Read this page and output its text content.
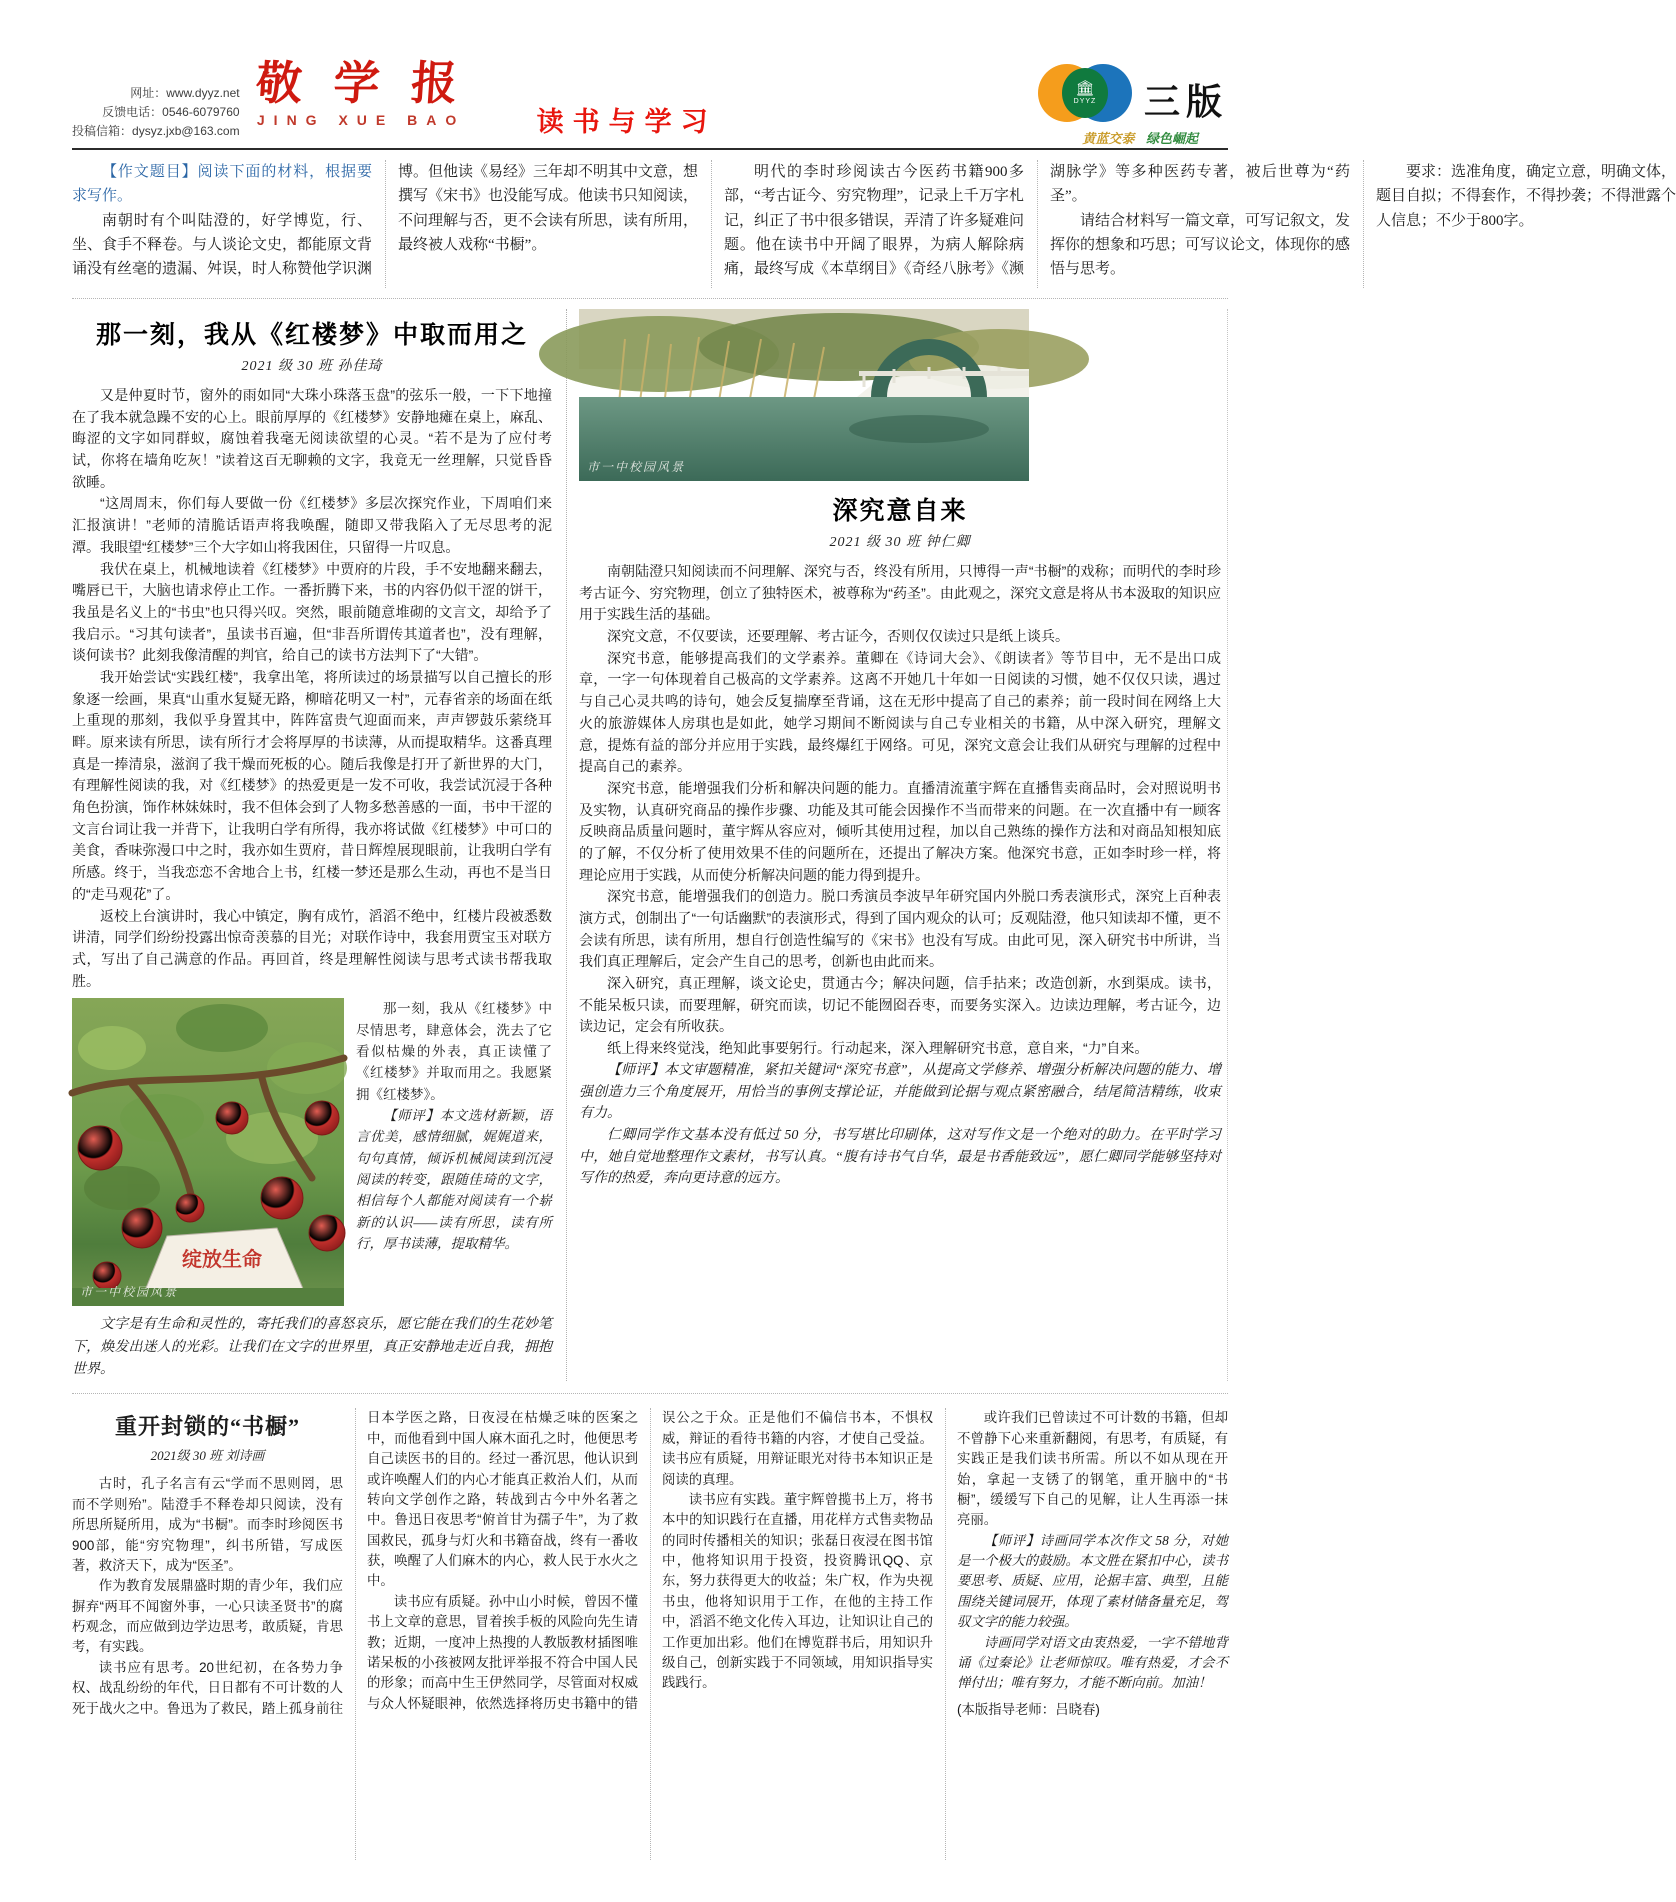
网址：www.dyyz.net
反馈电话：0546-6079760
投稿信箱：dysyz.jxb@163.com
敬 学 报
JING XUE BAO	读书与学习
🏛
DYYZ 三版
黄蓝交泰 绿色崛起

【作文题目】阅读下面的材料，根据要求写作。

南朝时有个叫陆澄的，好学博览，行、坐、食手不释卷。与人谈论文史，都能原文背诵没有丝毫的遗漏、舛误，时人称赞他学识渊博。但他读《易经》三年却不明其中文意，想撰写《宋书》也没能写成。他读书只知阅读，不问理解与否，更不会读有所思，读有所用，最终被人戏称“书橱”。

明代的李时珍阅读古今医药书籍900多部，“考古证今、穷究物理”，记录上千万字札记，纠正了书中很多错误，弄清了许多疑难问题。他在读书中开阔了眼界，为病人解除病痛，最终写成《本草纲目》《奇经八脉考》《濒湖脉学》等多种医药专著，被后世尊为“药圣”。

请结合材料写一篇文章，可写记叙文，发挥你的想象和巧思；可写议论文，体现你的感悟与思考。

要求：选准角度，确定立意，明确文体，题目自拟；不得套作，不得抄袭；不得泄露个人信息；不少于800字。

那一刻，我从《红楼梦》中取而用之
2021 级 30 班 孙佳琦

又是仲夏时节，窗外的雨如同“大珠小珠落玉盘”的弦乐一般，一下下地撞在了我本就急躁不安的心上。眼前厚厚的《红楼梦》安静地瘫在桌上，麻乱、晦涩的文字如同群蚁，腐蚀着我毫无阅读欲望的心灵。“若不是为了应付考试，你将在墙角吃灰！”读着这百无聊赖的文字，我竟无一丝理解，只觉昏昏欲睡。

“这周周末，你们每人要做一份《红楼梦》多层次探究作业，下周咱们来汇报演讲！”老师的清脆话语声将我唤醒，随即又带我陷入了无尽思考的泥潭。我眼望“红楼梦”三个大字如山将我困住，只留得一片叹息。

我伏在桌上，机械地读着《红楼梦》中贾府的片段，手不安地翻来翻去，嘴唇已干，大脑也请求停止工作。一番折腾下来，书的内容仍似干涩的饼干，我虽是名义上的“书虫”也只得兴叹。突然，眼前随意堆砌的文言文，却给予了我启示。“习其句读者”，虽读书百遍，但“非吾所谓传其道者也”，没有理解，谈何读书？此刻我像清醒的判官，给自己的读书方法判下了“大错”。

我开始尝试“实践红楼”，我拿出笔，将所读过的场景描写以自己擅长的形象逐一绘画，果真“山重水复疑无路，柳暗花明又一村”，元春省亲的场面在纸上重现的那刻，我似乎身置其中，阵阵富贵气迎面而来，声声锣鼓乐萦绕耳畔。原来读有所思，读有所行才会将厚厚的书读薄，从而提取精华。这番真理真是一捧清泉，滋润了我干燥而死板的心。随后我像是打开了新世界的大门，有理解性阅读的我，对《红楼梦》的热爱更是一发不可收，我尝试沉浸于各种角色扮演，饰作林妹妹时，我不但体会到了人物多愁善感的一面，书中干涩的文言台词让我一并背下，让我明白学有所得，我亦将试做《红楼梦》中可口的美食，香味弥漫口中之时，我亦如生贾府，昔日辉煌展现眼前，让我明白学有所感。终于，当我恋恋不舍地合上书，红楼一梦还是那么生动，再也不是当日的“走马观花”了。

返校上台演讲时，我心中镇定，胸有成竹，滔滔不绝中，红楼片段被悉数讲清，同学们纷纷投露出惊奇羡慕的目光；对联作诗中，我套用贾宝玉对联方式，写出了自己满意的作品。再回首，终是理解性阅读与思考式读书帮我取胜。

绽放生命
市一中校园风景

那一刻，我从《红楼梦》中尽情思考，肆意体会，洗去了它看似枯燥的外表，真正读懂了《红楼梦》并取而用之。我愿紧拥《红楼梦》。

【师评】本文选材新颖，语言优美，感情细腻，娓娓道来，句句真情，倾诉机械阅读到沉浸阅读的转变，跟随佳琦的文字，相信每个人都能对阅读有一个崭新的认识——读有所思，读有所行，厚书读薄，提取精华。

文字是有生命和灵性的，寄托我们的喜怒哀乐，愿它能在我们的生花妙笔下，焕发出迷人的光彩。让我们在文字的世界里，真正安静地走近自我，拥抱世界。

市一中校园风景
深究意自来
2021 级 30 班 钟仁卿

南朝陆澄只知阅读而不问理解、深究与否，终没有所用，只博得一声“书橱”的戏称；而明代的李时珍考古证今、穷究物理，创立了独特医术，被尊称为“药圣”。由此观之，深究文意是将从书本汲取的知识应用于实践生活的基础。

深究文意，不仅要读，还要理解、考古证今，否则仅仅读过只是纸上谈兵。

深究书意，能够提高我们的文学素养。董卿在《诗词大会》、《朗读者》等节目中，无不是出口成章，一字一句体现着自己极高的文学素养。这离不开她几十年如一日阅读的习惯，她不仅仅只读，遇过与自己心灵共鸣的诗句，她会反复揣摩至背诵，这在无形中提高了自己的素养；前一段时间在网络上大火的旅游媒体人房琪也是如此，她学习期间不断阅读与自己专业相关的书籍，从中深入研究，理解文意，提炼有益的部分并应用于实践，最终爆红于网络。可见，深究文意会让我们从研究与理解的过程中提高自己的素养。

深究书意，能增强我们分析和解决问题的能力。直播清流董宇辉在直播售卖商品时，会对照说明书及实物，认真研究商品的操作步骤、功能及其可能会因操作不当而带来的问题。在一次直播中有一顾客反映商品质量问题时，董宇辉从容应对，倾听其使用过程，加以自己熟练的操作方法和对商品知根知底的了解，不仅分析了使用效果不佳的问题所在，还提出了解决方案。他深究书意，正如李时珍一样，将理论应用于实践，从而使分析解决问题的能力得到提升。

深究书意，能增强我们的创造力。脱口秀演员李波早年研究国内外脱口秀表演形式，深究上百种表演方式，创制出了“一句话幽默”的表演形式，得到了国内观众的认可；反观陆澄，他只知读却不懂，更不会读有所思，读有所用，想自行创造性编写的《宋书》也没有写成。由此可见，深入研究书中所讲，当我们真正理解后，定会产生自己的思考，创新也由此而来。

深入研究，真正理解，谈文论史，贯通古今；解决问题，信手拈来；改造创新，水到渠成。读书，不能呆板只读，而要理解，研究而读，切记不能囫囵吞枣，而要务实深入。边读边理解，考古证今，边读边记，定会有所收获。

纸上得来终觉浅，绝知此事要躬行。行动起来，深入理解研究书意，意自来，“力”自来。

【师评】本文审题精准，紧扣关键词“深究书意”，从提高文学修养、增强分析解决问题的能力、增强创造力三个角度展开，用恰当的事例支撑论证，并能做到论据与观点紧密融合，结尾简洁精练，收束有力。

仁卿同学作文基本没有低过 50 分，书写堪比印刷体，这对写作文是一个绝对的助力。在平时学习中，她自觉地整理作文素材，书写认真。“腹有诗书气自华，最是书香能致远”，愿仁卿同学能够坚持对写作的热爱，奔向更诗意的远方。

重开封锁的“书橱”
2021级 30 班 刘诗画

古时，孔子名言有云“学而不思则罔，思而不学则殆”。陆澄手不释卷却只阅读，没有所思所疑所用，成为“书橱”。而李时珍阅医书900部，能“穷究物理”，纠书所错，写成医著，救济天下，成为“医圣”。

作为教育发展鼎盛时期的青少年，我们应摒弃“两耳不闻窗外事，一心只读圣贤书”的腐朽观念，而应做到边学边思考，敢质疑，肯思考，有实践。

读书应有思考。20世纪初，在各势力争权、战乱纷纷的年代，日日都有不可计数的人死于战火之中。鲁迅为了救民，踏上孤身前往日本学医之路，日夜浸在枯燥乏味的医案之中，而他看到中国人麻木面孔之时，他便思考自己读医书的目的。经过一番沉思，他认识到或许唤醒人们的内心才能真正救治人们，从而转向文学创作之路，转战到古今中外名著之中。鲁迅日夜思考“俯首甘为孺子牛”，为了救国救民，孤身与灯火和书籍奋战，终有一番收获，唤醒了人们麻木的内心，救人民于水火之中。

读书应有质疑。孙中山小时候，曾因不懂书上文章的意思，冒着挨手板的风险向先生请教；近期，一度冲上热搜的人教版教材插图唯诺呆板的小孩被网友批评举报不符合中国人民的形象；而高中生王伊然同学，尽管面对权威与众人怀疑眼神，依然选择将历史书籍中的错误公之于众。正是他们不偏信书本，不惧权威，辩证的看待书籍的内容，才使自己受益。读书应有质疑，用辩证眼光对待书本知识正是阅读的真理。

读书应有实践。董宇辉曾揽书上万，将书本中的知识践行在直播，用花样方式售卖物品的同时传播相关的知识；张磊日夜浸在图书馆中，他将知识用于投资，投资腾讯QQ、京东，努力获得更大的收益；朱广权，作为央视书虫，他将知识用于工作，在他的主持工作中，滔滔不绝文化传入耳边，让知识让自己的工作更加出彩。他们在博览群书后，用知识升级自己，创新实践于不同领域，用知识指导实践践行。

或许我们已曾读过不可计数的书籍，但却不曾静下心来重新翻阅，有思考，有质疑，有实践正是我们读书所需。所以不如从现在开始，拿起一支锈了的钢笔，重开脑中的“书橱”，缓缓写下自己的见解，让人生再添一抹亮丽。

【师评】诗画同学本次作文 58 分，对她是一个极大的鼓励。本文胜在紧扣中心，读书要思考、质疑、应用，论据丰富、典型，且能围绕关键词展开，体现了素材储备量充足，驾驭文字的能力较强。

诗画同学对语文由衷热爱，一字不错地背诵《过秦论》让老师惊叹。唯有热爱，才会不惮付出；唯有努力，才能不断向前。加油！

(本版指导老师：吕晓春)
